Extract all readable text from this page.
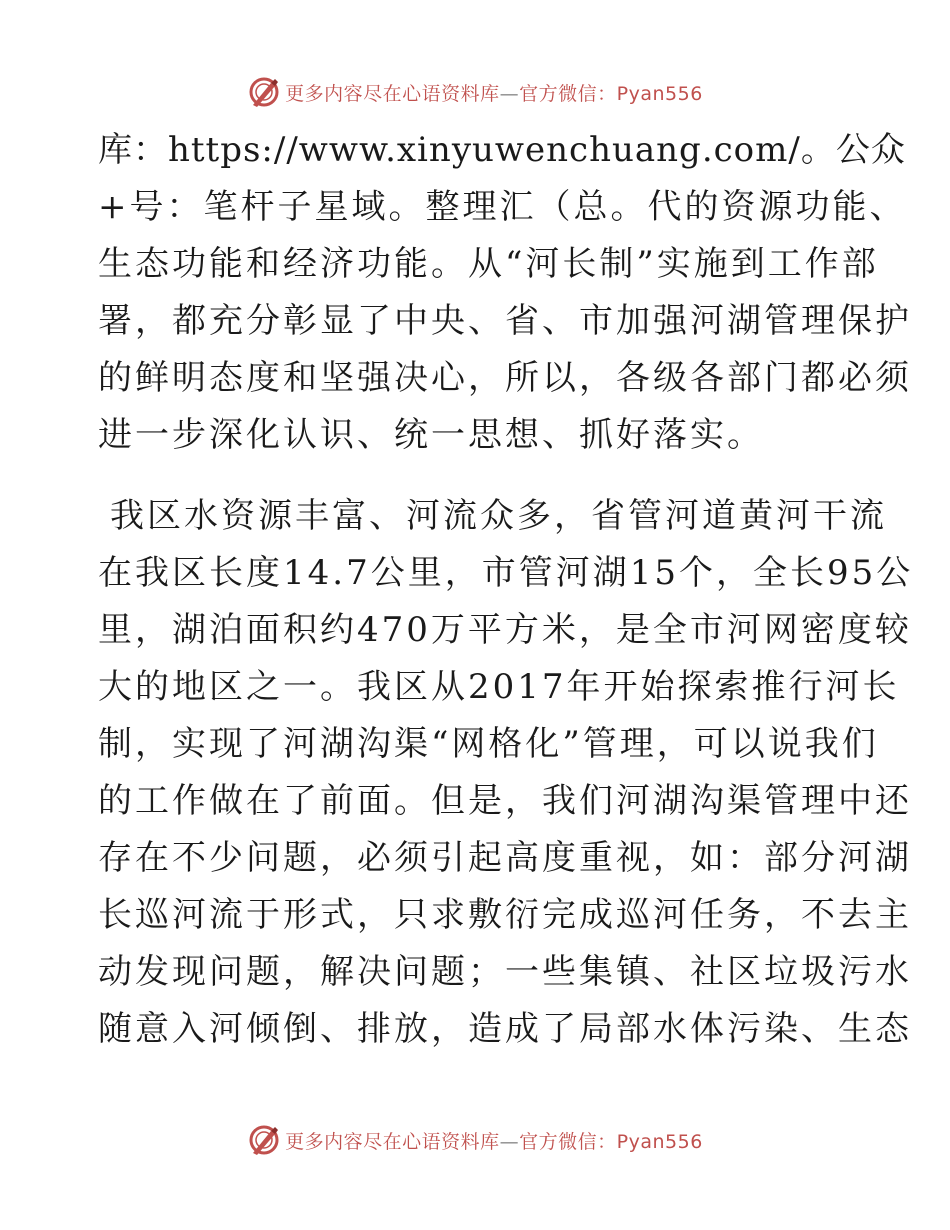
更多内容尽在心语资料库—官方微信：Pyan556
库：https://www.xinyuwenchuang.com/。公众
+号：笔杆子星域。整理汇（总。代的资源功能、
生态功能和经济功能。从“河长制”实施到工作部
署，都充分彰显了中央、省、市加强河湖管理保护
的鲜明态度和坚强决心，所以，各级各部门都必须
进一步深化认识、统一思想、抓好落实。
我区水资源丰富、河流众多，省管河道黄河干流
在我区长度14.7公里，市管河湖15个，全长95公
里，湖泊面积约470万平方米，是全市河网密度较
大的地区之一。我区从2017年开始探索推行河长
制，实现了河湖沟渠“网格化”管理，可以说我们
的工作做在了前面。但是，我们河湖沟渠管理中还
存在不少问题，必须引起高度重视，如：部分河湖
长巡河流于形式，只求敷衍完成巡河任务，不去主
动发现问题，解决问题；一些集镇、社区垃圾污水
随意入河倾倒、排放，造成了局部水体污染、生态
更多内容尽在心语资料库—官方微信：Pyan556
